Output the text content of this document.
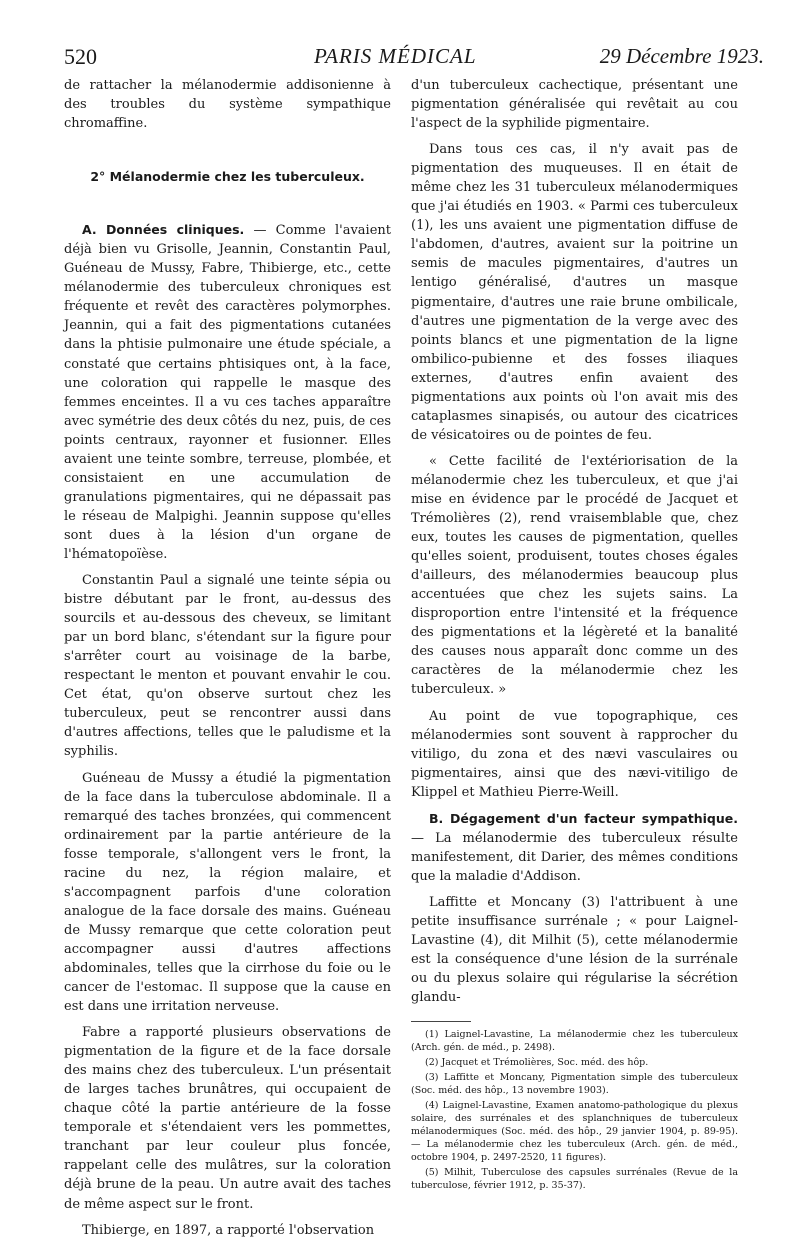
520	PARIS MÉDICAL	29 Décembre 1923.

de rattacher la mélanodermie addisonienne à des troubles du système sympathique chromaffine.

2° Mélanodermie chez les tuberculeux.

A. Données cliniques. — Comme l'avaient déjà bien vu Grisolle, Jeannin, Constantin Paul, Guéneau de Mussy, Fabre, Thibierge, etc., cette mélanodermie des tuberculeux chroniques est fréquente et revêt des caractères polymorphes. Jeannin, qui a fait des pigmentations cutanées dans la phtisie pulmonaire une étude spéciale, a constaté que certains phtisiques ont, à la face, une coloration qui rappelle le masque des femmes enceintes. Il a vu ces taches apparaître avec symétrie des deux côtés du nez, puis, de ces points centraux, rayonner et fusionner. Elles avaient une teinte sombre, terreuse, plombée, et consistaient en une accumulation de granulations pigmentaires, qui ne dépassait pas le réseau de Malpighi. Jeannin suppose qu'elles sont dues à la lésion d'un organe de l'hématopoïèse.

Constantin Paul a signalé une teinte sépia ou bistre débutant par le front, au-dessus des sourcils et au-dessous des cheveux, se limitant par un bord blanc, s'étendant sur la figure pour s'arrêter court au voisinage de la barbe, respectant le menton et pouvant envahir le cou. Cet état, qu'on observe surtout chez les tuberculeux, peut se rencontrer aussi dans d'autres affections, telles que le paludisme et la syphilis.

Guéneau de Mussy a étudié la pigmentation de la face dans la tuberculose abdominale. Il a remarqué des taches bronzées, qui commencent ordinairement par la partie antérieure de la fosse temporale, s'allongent vers le front, la racine du nez, la région malaire, et s'accompagnent parfois d'une coloration analogue de la face dorsale des mains. Guéneau de Mussy remarque que cette coloration peut accompagner aussi d'autres affections abdominales, telles que la cirrhose du foie ou le cancer de l'estomac. Il suppose que la cause en est dans une irritation nerveuse.

Fabre a rapporté plusieurs observations de pigmentation de la figure et de la face dorsale des mains chez des tuberculeux. L'un présentait de larges taches brunâtres, qui occupaient de chaque côté la partie antérieure de la fosse temporale et s'étendaient vers les pommettes, tranchant par leur couleur plus foncée, rappelant celle des mulâtres, sur la coloration déjà brune de la peau. Un autre avait des taches de même aspect sur le front.

Thibierge, en 1897, a rapporté l'observation

d'un tuberculeux cachectique, présentant une pigmentation généralisée qui revêtait au cou l'aspect de la syphilide pigmentaire.

Dans tous ces cas, il n'y avait pas de pigmentation des muqueuses. Il en était de même chez les 31 tuberculeux mélanodermiques que j'ai étudiés en 1903. « Parmi ces tuberculeux (1), les uns avaient une pigmentation diffuse de l'abdomen, d'autres, avaient sur la poitrine un semis de macules pigmentaires, d'autres un lentigo généralisé, d'autres un masque pigmentaire, d'autres une raie brune ombilicale, d'autres une pigmentation de la verge avec des points blancs et une pigmentation de la ligne ombilico-pubienne et des fosses iliaques externes, d'autres enfin avaient des pigmentations aux points où l'on avait mis des cataplasmes sinapisés, ou autour des cicatrices de vésicatoires ou de pointes de feu.

« Cette facilité de l'extériorisation de la mélanodermie chez les tuberculeux, et que j'ai mise en évidence par le procédé de Jacquet et Trémolières (2), rend vraisemblable que, chez eux, toutes les causes de pigmentation, quelles qu'elles soient, produisent, toutes choses égales d'ailleurs, des mélanodermies beaucoup plus accentuées que chez les sujets sains. La disproportion entre l'intensité et la fréquence des pigmentations et la légèreté et la banalité des causes nous apparaît donc comme un des caractères de la mélanodermie chez les tuberculeux. »

Au point de vue topographique, ces mélanodermies sont souvent à rapprocher du vitiligo, du zona et des nævi vasculaires ou pigmentaires, ainsi que des nævi-vitiligo de Klippel et Mathieu Pierre-Weill.

B. Dégagement d'un facteur sympathique. — La mélanodermie des tuberculeux résulte manifestement, dit Darier, des mêmes conditions que la maladie d'Addison.

Laffitte et Moncany (3) l'attribuent à une petite insuffisance surrénale ; « pour Laignel-Lavastine (4), dit Milhit (5), cette mélanodermie est la conséquence d'une lésion de la surrénale ou du plexus solaire qui régularise la sécrétion glandu-

(1) Laignel-Lavastine, La mélanodermie chez les tuberculeux (Arch. gén. de méd., p. 2498).

(2) Jacquet et Trémolières, Soc. méd. des hôp.

(3) Laffitte et Moncany, Pigmentation simple des tuberculeux (Soc. méd. des hôp., 13 novembre 1903).

(4) Laignel-Lavastine, Examen anatomo-pathologique du plexus solaire, des surrénales et des splanchniques de tuberculeux mélanodermiques (Soc. méd. des hôp., 29 janvier 1904, p. 89-95). — La mélanodermie chez les tuberculeux (Arch. gén. de méd., octobre 1904, p. 2497-2520, 11 figures).

(5) Milhit, Tuberculose des capsules surrénales (Revue de la tuberculose, février 1912, p. 35-37).
